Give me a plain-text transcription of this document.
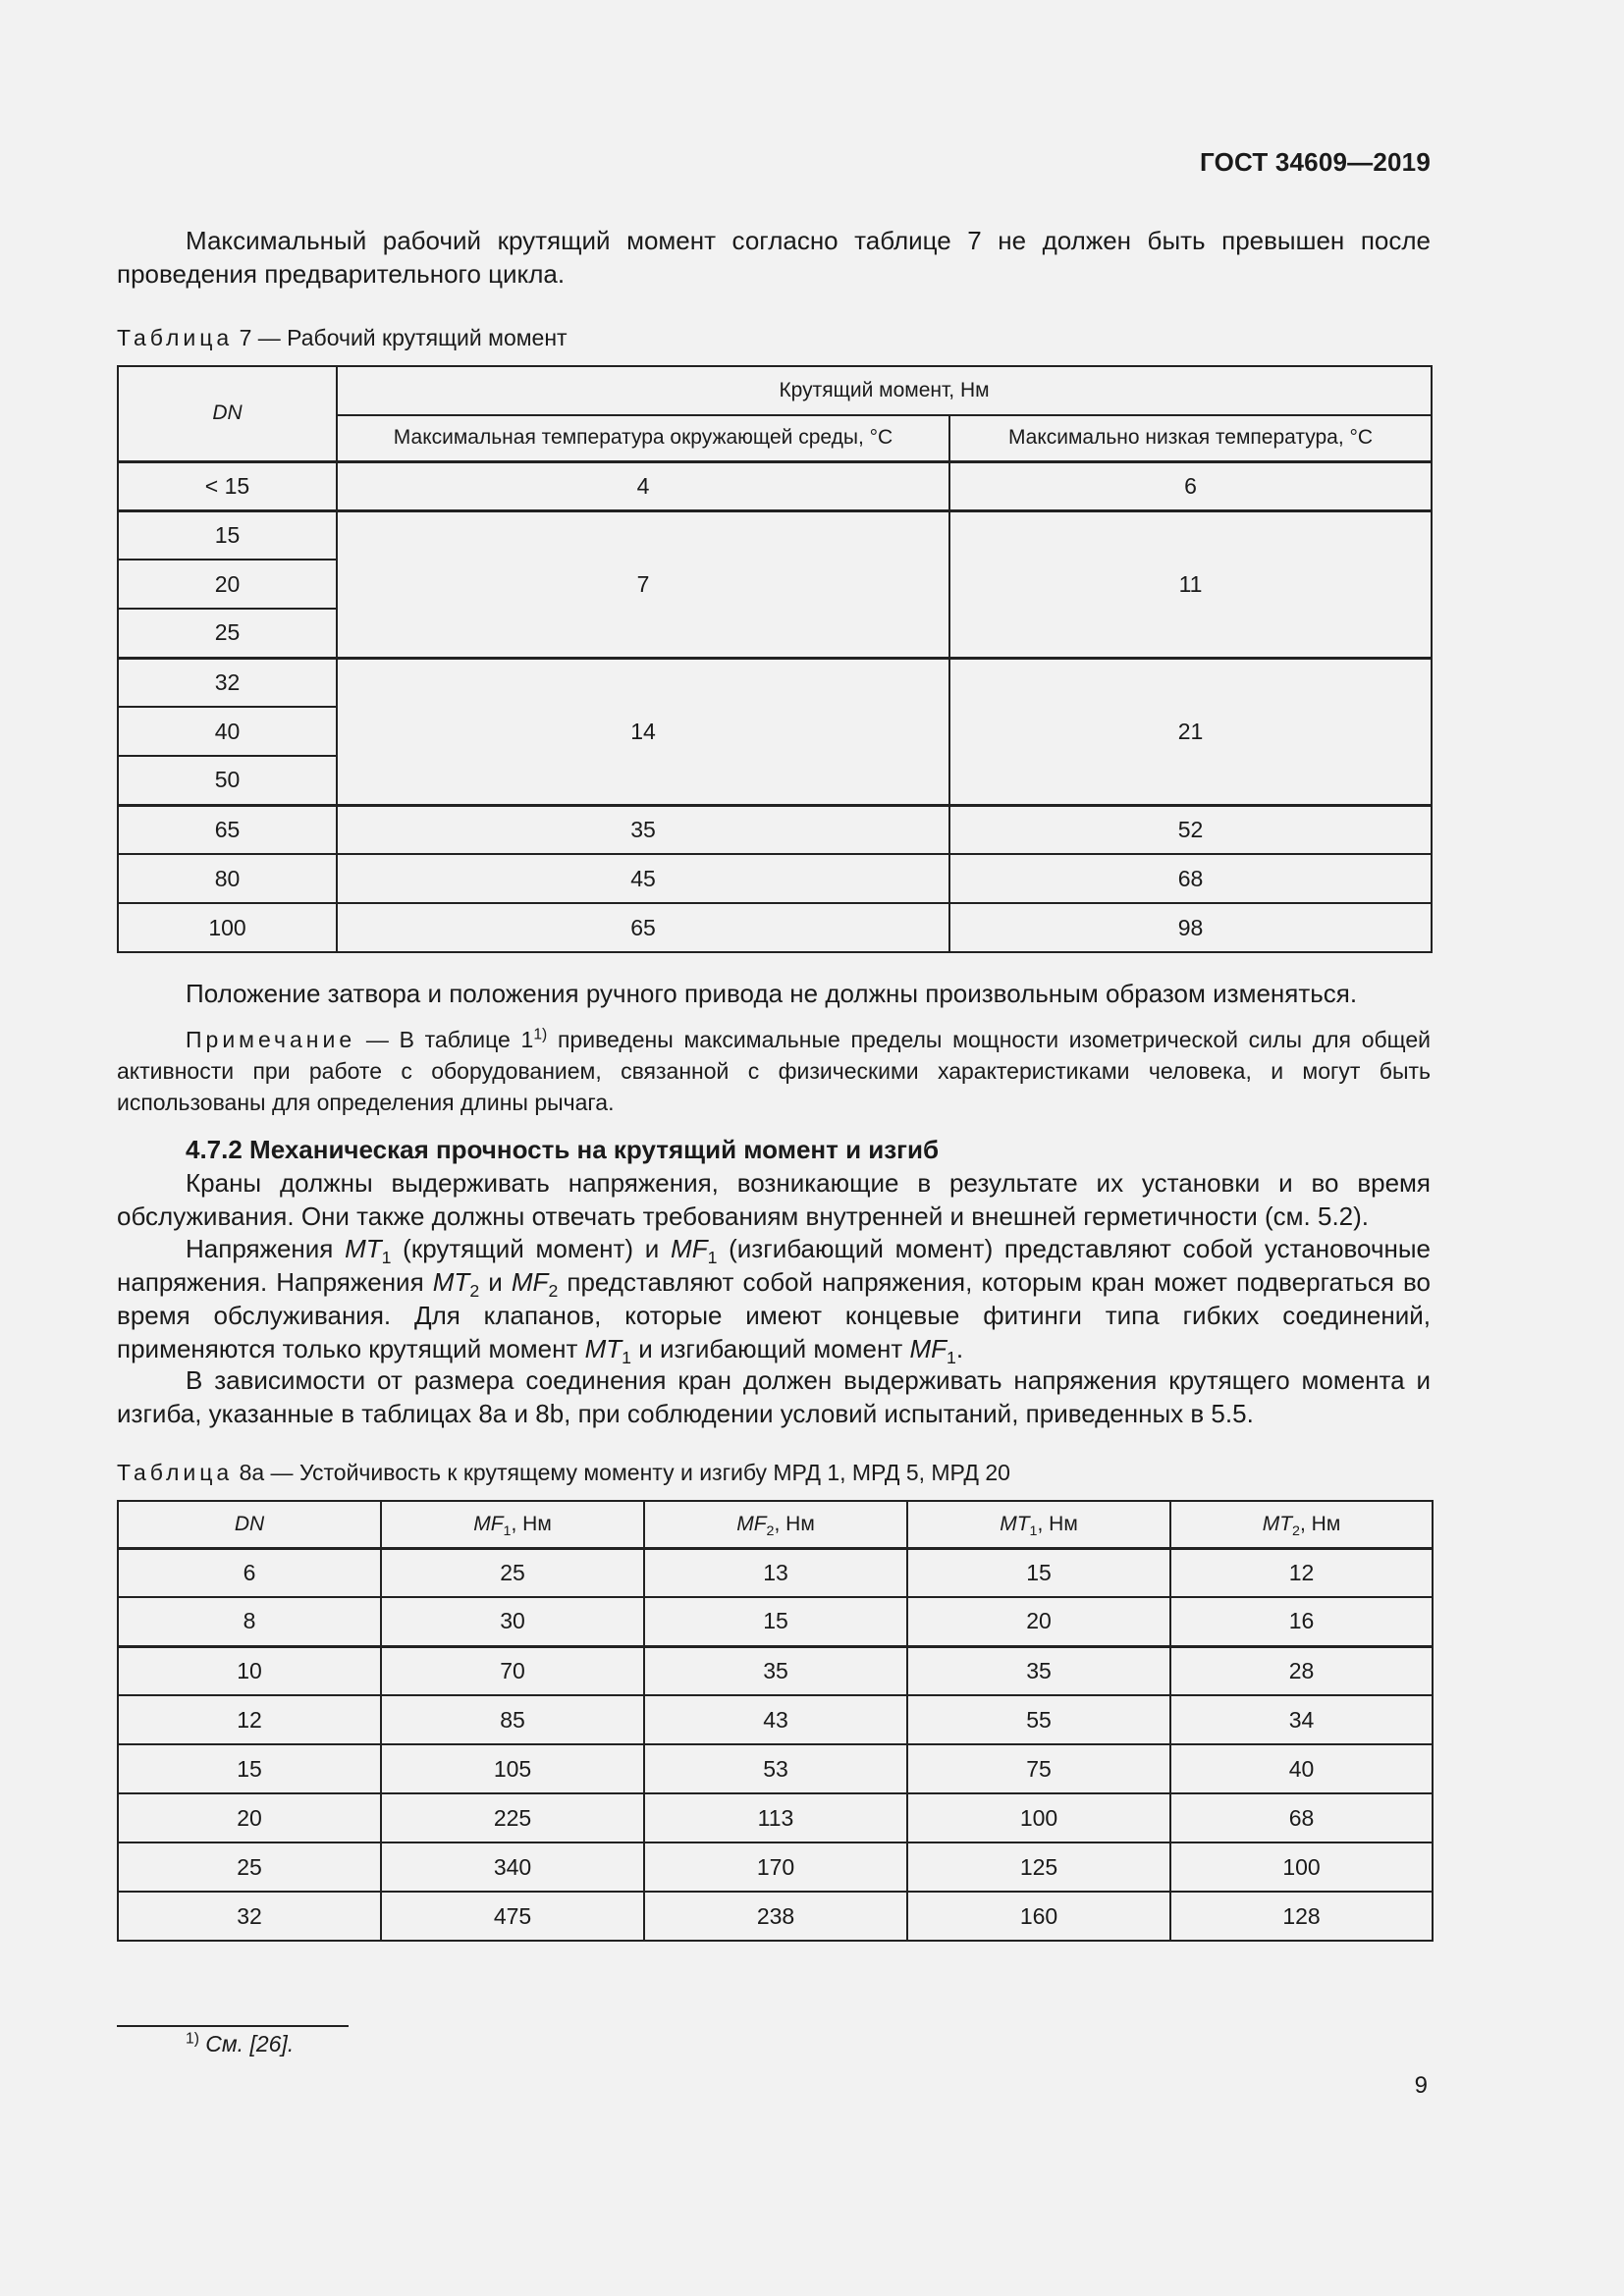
ГОСТ 34609—2019
Максимальный рабочий крутящий момент согласно таблице 7 не должен быть превышен после проведения предварительного цикла.
Таблица 7 — Рабочий крутящий момент
DN	Крутящий момент, Нм	
	Максимальная температура окружающей среды, °С	Максимально низкая температура, °С
< 15	4	6
15	7	11
20		
25		
32	14	21
40		
50		
65	35	52
80	45	68
100	65	98
Положение затвора и положения ручного привода не должны произвольным образом изменяться.
Примечание — В таблице 1$^{1)}$ приведены максимальные пределы мощности изометрической силы для общей активности при работе с оборудованием, связанной с физическими характеристиками человека, и могут быть использованы для определения длины рычага.
4.7.2 Механическая прочность на крутящий момент и изгиб
Краны должны выдерживать напряжения, возникающие в результате их установки и во время обслуживания. Они также должны отвечать требованиям внутренней и внешней герметичности (см. 5.2).
Напряжения $MT_1$ (крутящий момент) и $MF_1$ (изгибающий момент) представляют собой установочные напряжения. Напряжения $MT_2$ и $MF_2$ представляют собой напряжения, которым кран может подвергаться во время обслуживания. Для клапанов, которые имеют концевые фитинги типа гибких соединений, применяются только крутящий момент $MT_1$ и изгибающий момент $MF_1$.
В зависимости от размера соединения кран должен выдерживать напряжения крутящего момента и изгиба, указанные в таблицах 8а и 8b, при соблюдении условий испытаний, приведенных в 5.5.
Таблица 8а — Устойчивость к крутящему моменту и изгибу МРД 1, МРД 5, МРД 20
DN	$MF_1$, Нм	$MF_2$, Нм	$MT_1$, Нм	$MT_2$, Нм
6	25	13	15	12
8	30	15	20	16
10	70	35	35	28
12	85	43	55	34
15	105	53	75	40
20	225	113	100	68
25	340	170	125	100
32	475	238	160	128
$^{1)}$ См. [26].
9
